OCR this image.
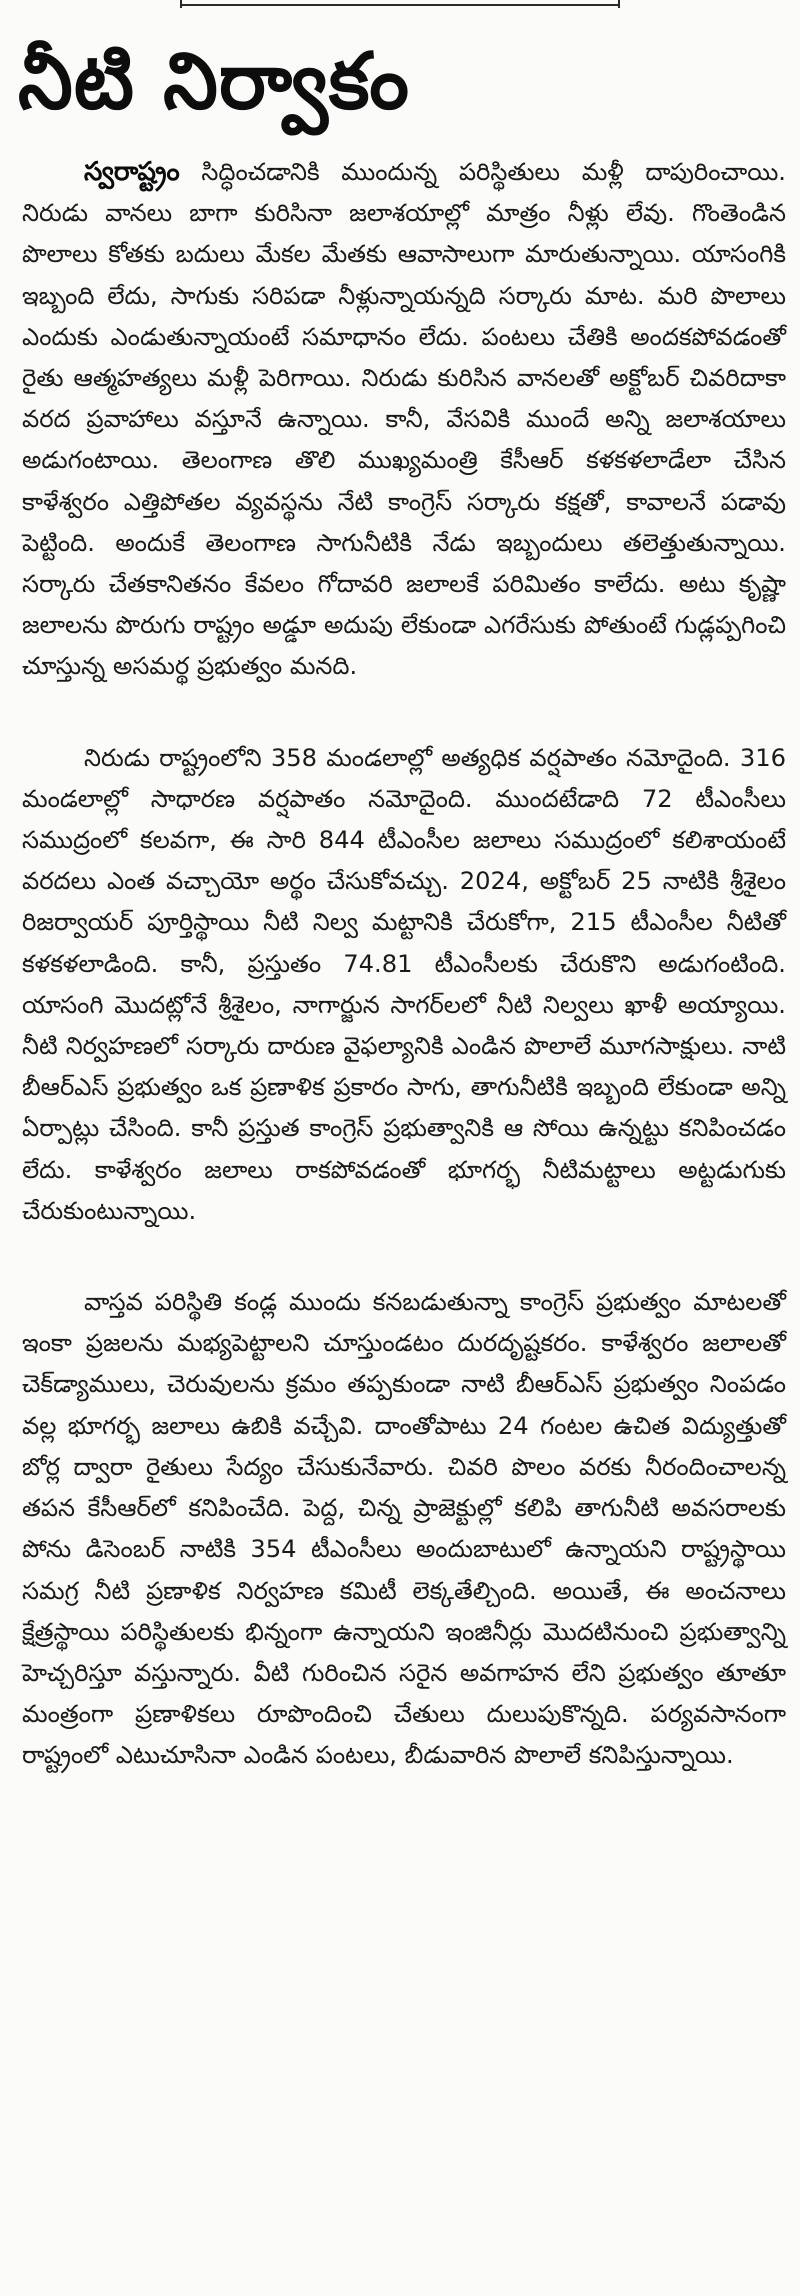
నీటి నిర్వాకం

స్వరాష్ట్రం సిద్ధించడానికి ముందున్న పరిస్థితులు మళ్లీ దాపురించాయి. నిరుడు వానలు బాగా కురిసినా జలాశయాల్లో మాత్రం నీళ్లు లేవు. గొంతెండిన పొలాలు కోతకు బదులు మేకల మేతకు ఆవాసాలుగా మారుతున్నాయి. యాసంగికి ఇబ్బంది లేదు, సాగుకు సరిపడా నీళ్లున్నాయన్నది సర్కారు మాట. మరి పొలాలు ఎందుకు ఎండుతున్నాయంటే సమాధానం లేదు. పంటలు చేతికి అందకపోవడంతో రైతు ఆత్మహత్యలు మళ్లీ పెరిగాయి. నిరుడు కురిసిన వానలతో అక్టోబర్ చివరిదాకా వరద ప్రవాహాలు వస్తూనే ఉన్నాయి. కానీ, వేసవికి ముందే అన్ని జలాశయాలు అడుగంటాయి. తెలంగాణ తొలి ముఖ్యమంత్రి కేసీఆర్ కళకళలాడేలా చేసిన కాళేశ్వరం ఎత్తిపోతల వ్యవస్థను నేటి కాంగ్రెస్ సర్కారు కక్షతో, కావాలనే పడావు పెట్టింది. అందుకే తెలంగాణ సాగునీటికి నేడు ఇబ్బందులు తలెత్తుతున్నాయి. సర్కారు చేతకానితనం కేవలం గోదావరి జలాలకే పరిమితం కాలేదు. అటు కృష్ణా జలాలను పొరుగు రాష్ట్రం అడ్డూ అదుపు లేకుండా ఎగరేసుకు పోతుంటే గుడ్లప్పగించి చూస్తున్న అసమర్థ ప్రభుత్వం మనది.

నిరుడు రాష్ట్రంలోని 358 మండలాల్లో అత్యధిక వర్షపాతం నమోదైంది. 316 మండలాల్లో సాధారణ వర్షపాతం నమోదైంది. ముందటేడాది 72 టీఎంసీలు సముద్రంలో కలవగా, ఈ సారి 844 టీఎంసీల జలాలు సముద్రంలో కలిశాయంటే వరదలు ఎంత వచ్చాయో అర్థం చేసుకోవచ్చు. 2024, అక్టోబర్ 25 నాటికి శ్రీశైలం రిజర్వాయర్ పూర్తిస్థాయి నీటి నిల్వ మట్టానికి చేరుకోగా, 215 టీఎంసీల నీటితో కళకళలాడింది. కానీ, ప్రస్తుతం 74.81 టీఎంసీలకు చేరుకొని అడుగంటింది. యాసంగి మొదట్లోనే శ్రీశైలం, నాగార్జున సాగర్‌లలో నీటి నిల్వలు ఖాళీ అయ్యాయి. నీటి నిర్వహణలో సర్కారు దారుణ వైఫల్యానికి ఎండిన పొలాలే మూగసాక్షులు. నాటి బీఆర్ఎస్ ప్రభుత్వం ఒక ప్రణాళిక ప్రకారం సాగు, తాగునీటికి ఇబ్బంది లేకుండా అన్ని ఏర్పాట్లు చేసింది. కానీ ప్రస్తుత కాంగ్రెస్ ప్రభుత్వానికి ఆ సోయి ఉన్నట్టు కనిపించడం లేదు. కాళేశ్వరం జలాలు రాకపోవడంతో భూగర్భ నీటిమట్టాలు అట్టడుగుకు చేరుకుంటున్నాయి.

వాస్తవ పరిస్థితి కండ్ల ముందు కనబడుతున్నా కాంగ్రెస్ ప్రభుత్వం మాటలతో ఇంకా ప్రజలను మభ్యపెట్టాలని చూస్తుండటం దురదృష్టకరం. కాళేశ్వరం జలాలతో చెక్‌డ్యాములు, చెరువులను క్రమం తప్పకుండా నాటి బీఆర్ఎస్ ప్రభుత్వం నింపడం వల్ల భూగర్భ జలాలు ఉబికి వచ్చేవి. దాంతోపాటు 24 గంటల ఉచిత విద్యుత్తుతో బోర్ల ద్వారా రైతులు సేద్యం చేసుకునేవారు. చివరి పొలం వరకు నీరందించాలన్న తపన కేసీఆర్‌లో కనిపించేది. పెద్ద, చిన్న ప్రాజెక్టుల్లో కలిపి తాగునీటి అవసరాలకు పోను డిసెంబర్ నాటికి 354 టీఎంసీలు అందుబాటులో ఉన్నాయని రాష్ట్రస్థాయి సమగ్ర నీటి ప్రణాళిక నిర్వహణ కమిటీ లెక్కతేల్చింది. అయితే, ఈ అంచనాలు క్షేత్రస్థాయి పరిస్థితులకు భిన్నంగా ఉన్నాయని ఇంజినీర్లు మొదటినుంచి ప్రభుత్వాన్ని హెచ్చరిస్తూ వస్తున్నారు. వీటి గురించిన సరైన అవగాహన లేని ప్రభుత్వం తూతూ మంత్రంగా ప్రణాళికలు రూపొందించి చేతులు దులుపుకొన్నది. పర్యవసానంగా రాష్ట్రంలో ఎటుచూసినా ఎండిన పంటలు, బీడువారిన పొలాలే కనిపిస్తున్నాయి.
